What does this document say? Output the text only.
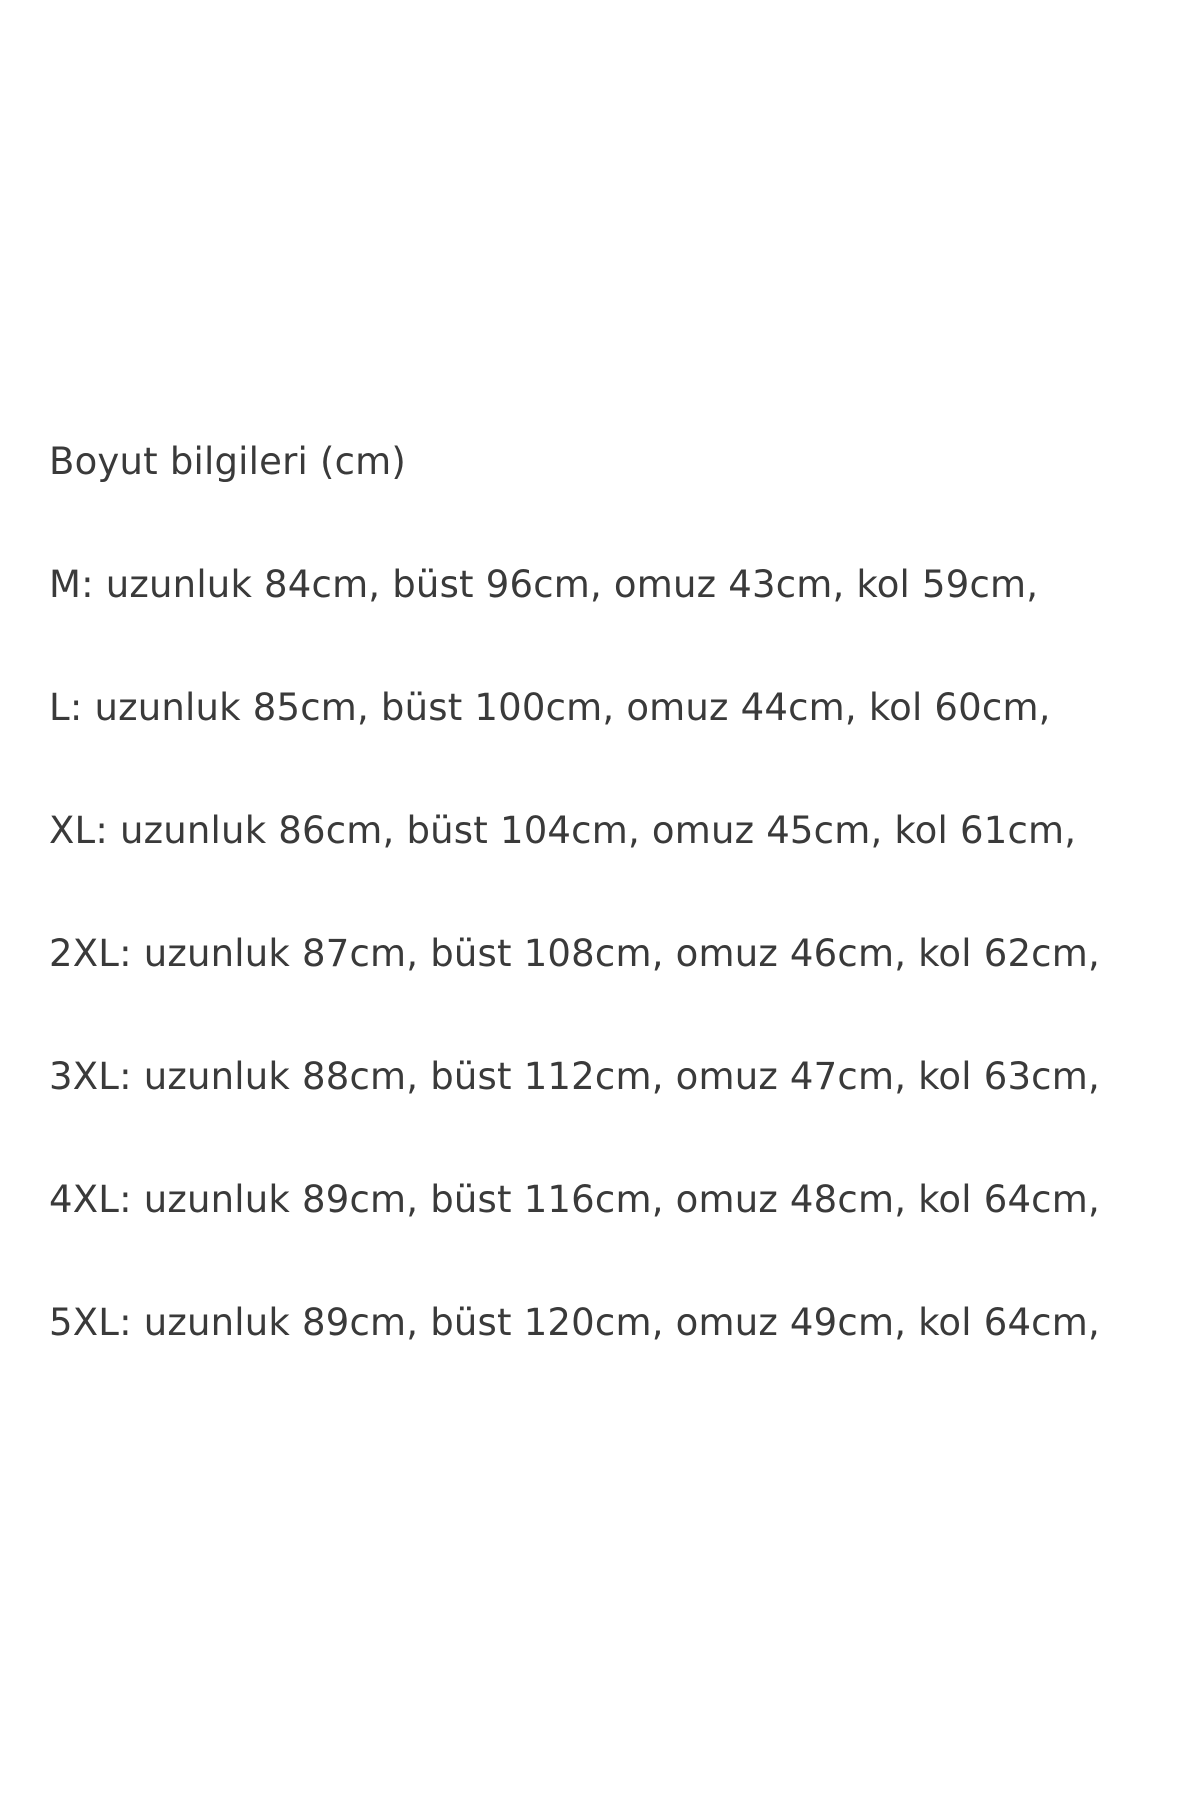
Boyut bilgileri (cm)
M: uzunluk 84cm, büst 96cm, omuz 43cm, kol 59cm,
L: uzunluk 85cm, büst 100cm, omuz 44cm, kol 60cm,
XL: uzunluk 86cm, büst 104cm, omuz 45cm, kol 61cm,
2XL: uzunluk 87cm, büst 108cm, omuz 46cm, kol 62cm,
3XL: uzunluk 88cm, büst 112cm, omuz 47cm, kol 63cm,
4XL: uzunluk 89cm, büst 116cm, omuz 48cm, kol 64cm,
5XL: uzunluk 89cm, büst 120cm, omuz 49cm, kol 64cm,
